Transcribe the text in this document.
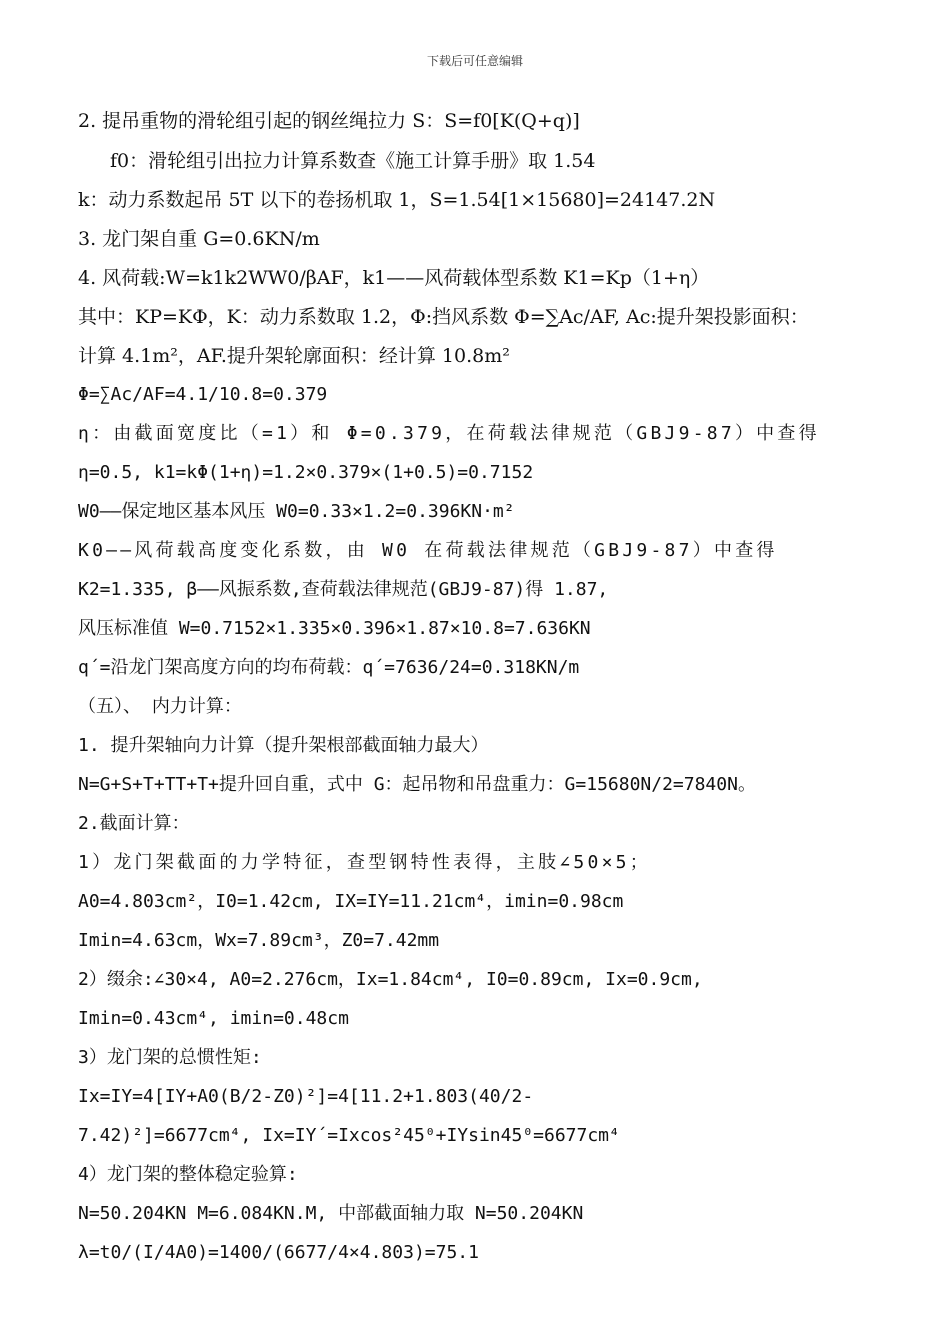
下载后可任意编辑
2. 提吊重物的滑轮组引起的钢丝绳拉力 S：S=f0[K(Q+q)]
f0：滑轮组引出拉力计算系数查《施工计算手册》取 1.54
k：动力系数起吊 5T 以下的卷扬机取 1，S=1.54[1×15680]=24147.2N
3. 龙门架自重 G=0.6KN/m
4. 风荷载:W=k1k2WW0/βAF，k1——风荷载体型系数 K1=Kp（1+η）
其中：KP=KΦ，K：动力系数取 1.2，Φ:挡风系数 Φ=∑Ac/AF, Ac:提升架投影面积：
计算 4.1m²，AF.提升架轮廓面积：经计算 10.8m²
Φ=∑Ac/AF=4.1/10.8=0.379
η：由截面宽度比（=1）和 Φ=0.379，在荷载法律规范（GBJ9-87）中查得
η=0.5, k1=kΦ(1+η)=1.2×0.379×(1+0.5)=0.7152
W0——保定地区基本风压 W0=0.33×1.2=0.396KN·m²
K0——风荷载高度变化系数，由 W0 在荷载法律规范（GBJ9-87）中查得
K2=1.335, β——风振系数,查荷载法律规范(GBJ9-87)得 1.87,
风压标准值 W=0.7152×1.335×0.396×1.87×10.8=7.636KN
q´=沿龙门架高度方向的均布荷载：q´=7636/24=0.318KN/m
（五）、 内力计算：
1. 提升架轴向力计算（提升架根部截面轴力最大）
N=G+S+T+TT+T+提升回自重，式中 G：起吊物和吊盘重力：G=15680N/2=7840N。
2.截面计算：
1）龙门架截面的力学特征，查型钢特性表得，主肢∠50×5；
A0=4.803cm²，I0=1.42cm, IX=IY=11.21cm⁴，imin=0.98cm
Imin=4.63cm，Wx=7.89cm³，Z0=7.42mm
2）缀余:∠30×4, A0=2.276cm，Ix=1.84cm⁴, I0=0.89cm, Ix=0.9cm,
Imin=0.43cm⁴, imin=0.48cm
3）龙门架的总惯性矩:
Ix=IY=4[IY+A0(B/2-Z0)²]=4[11.2+1.803(40/2-
7.42)²]=6677cm⁴, Ix=IY´=Ixcos²45⁰+IYsin45⁰=6677cm⁴
4）龙门架的整体稳定验算:
N=50.204KN M=6.084KN.M, 中部截面轴力取 N=50.204KN
λ=t0/(I/4A0)=1400/(6677/4×4.803)=75.1
